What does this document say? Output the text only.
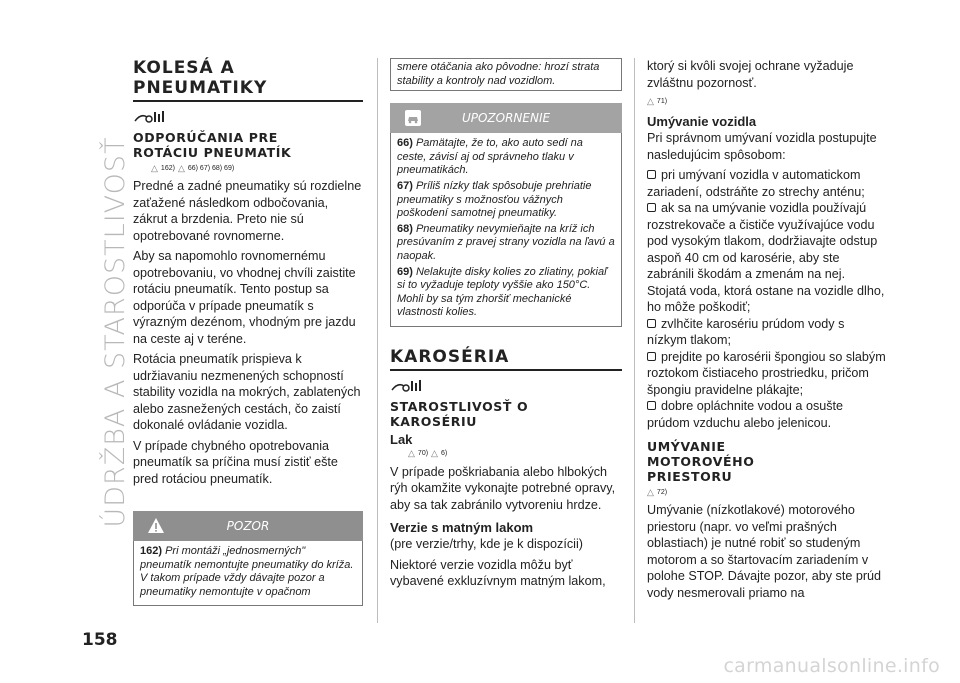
ÚDRŽBA A STAROSTLIVOSŤ
KOLESÁ A
PNEUMATIKY
ODPORÚČANIA PRE
ROTÁCIU PNEUMATÍK
△ 162) △ 66) 67) 68) 69)

Predné a zadné pneumatiky sú rozdielne zaťažené následkom odbočovania, zákrut a brzdenia. Preto nie sú opotrebované rovnomerne.

Aby sa napomohlo rovnomernému opotrebovaniu, vo vhodnej chvíli zaistite rotáciu pneumatík. Tento postup sa odporúča v prípade pneumatík s výrazným dezénom, vhodným pre jazdu na ceste aj v teréne.

Rotácia pneumatík prispieva k udržiavaniu nezmenených schopností stability vozidla na mokrých, zablatených alebo zasnežených cestách, čo zaistí dokonalé ovládanie vozidla.

V prípade chybného opotrebovania pneumatík sa príčina musí zistiť ešte pred rotáciou pneumatík.

POZOR

162) Pri montáži „jednosmerných" pneumatík nemontujte pneumatiky do kríža. V takom prípade vždy dávajte pozor a pneumatiky nemontujte v opačnom

smere otáčania ako pôvodne: hrozí strata stability a kontroly nad vozidlom.

UPOZORNENIE

66) Pamätajte, že to, ako auto sedí na ceste, závisí aj od správneho tlaku v pneumatikách.

67) Príliš nízky tlak spôsobuje prehriatie pneumatiky s možnosťou vážnych poškodení samotnej pneumatiky.

68) Pneumatiky nevymieňajte na kríž ich presúvaním z pravej strany vozidla na ľavú a naopak.

69) Nelakujte disky kolies zo zliatiny, pokiaľ si to vyžaduje teploty vyššie ako 150°C. Mohli by sa tým zhoršiť mechanické vlastnosti kolies.

KAROSÉRIA
STAROSTLIVOSŤ O
KAROSÉRIU
Lak
△ 70) △ 6)

V prípade poškriabania alebo hlbokých rýh okamžite vykonajte potrebné opravy, aby sa tak zabránilo vytvoreniu hrdze.

Verzie s matným lakom

(pre verzie/trhy, kde je k dispozícii)

Niektoré verzie vozidla môžu byť vybavené exkluzívnym matným lakom,

ktorý si kvôli svojej ochrane vyžaduje zvláštnu pozornosť.

△ 71)
Umývanie vozidla

Pri správnom umývaní vozidla postupujte nasledujúcim spôsobom:

pri umývaní vozidla v automatickom zariadení, odstráňte zo strechy anténu;
ak sa na umývanie vozidla používajú rozstrekovače a čističe využívajúce vodu pod vysokým tlakom, dodržiavajte odstup aspoň 40 cm od karosérie, aby ste zabránili škodám a zmenám na nej. Stojatá voda, ktorá ostane na vozidle dlho, ho môže poškodiť;
zvlhčite karosériu prúdom vody s nízkym tlakom;
prejdite po karosérii špongiou so slabým roztokom čistiaceho prostriedku, pričom špongiu pravidelne plákajte;
dobre opláchnite vodou a osušte prúdom vzduchu alebo jelenicou.
UMÝVANIE
MOTOROVÉHO
PRIESTORU
△ 72)

Umývanie (nízkotlakové) motorového priestoru (napr. vo veľmi prašných oblastiach) je nutné robiť so studeným motorom a so štartovacím zariadením v polohe STOP. Dávajte pozor, aby ste prúd vody nesmerovali priamo na

158
carmanualsonline.info
